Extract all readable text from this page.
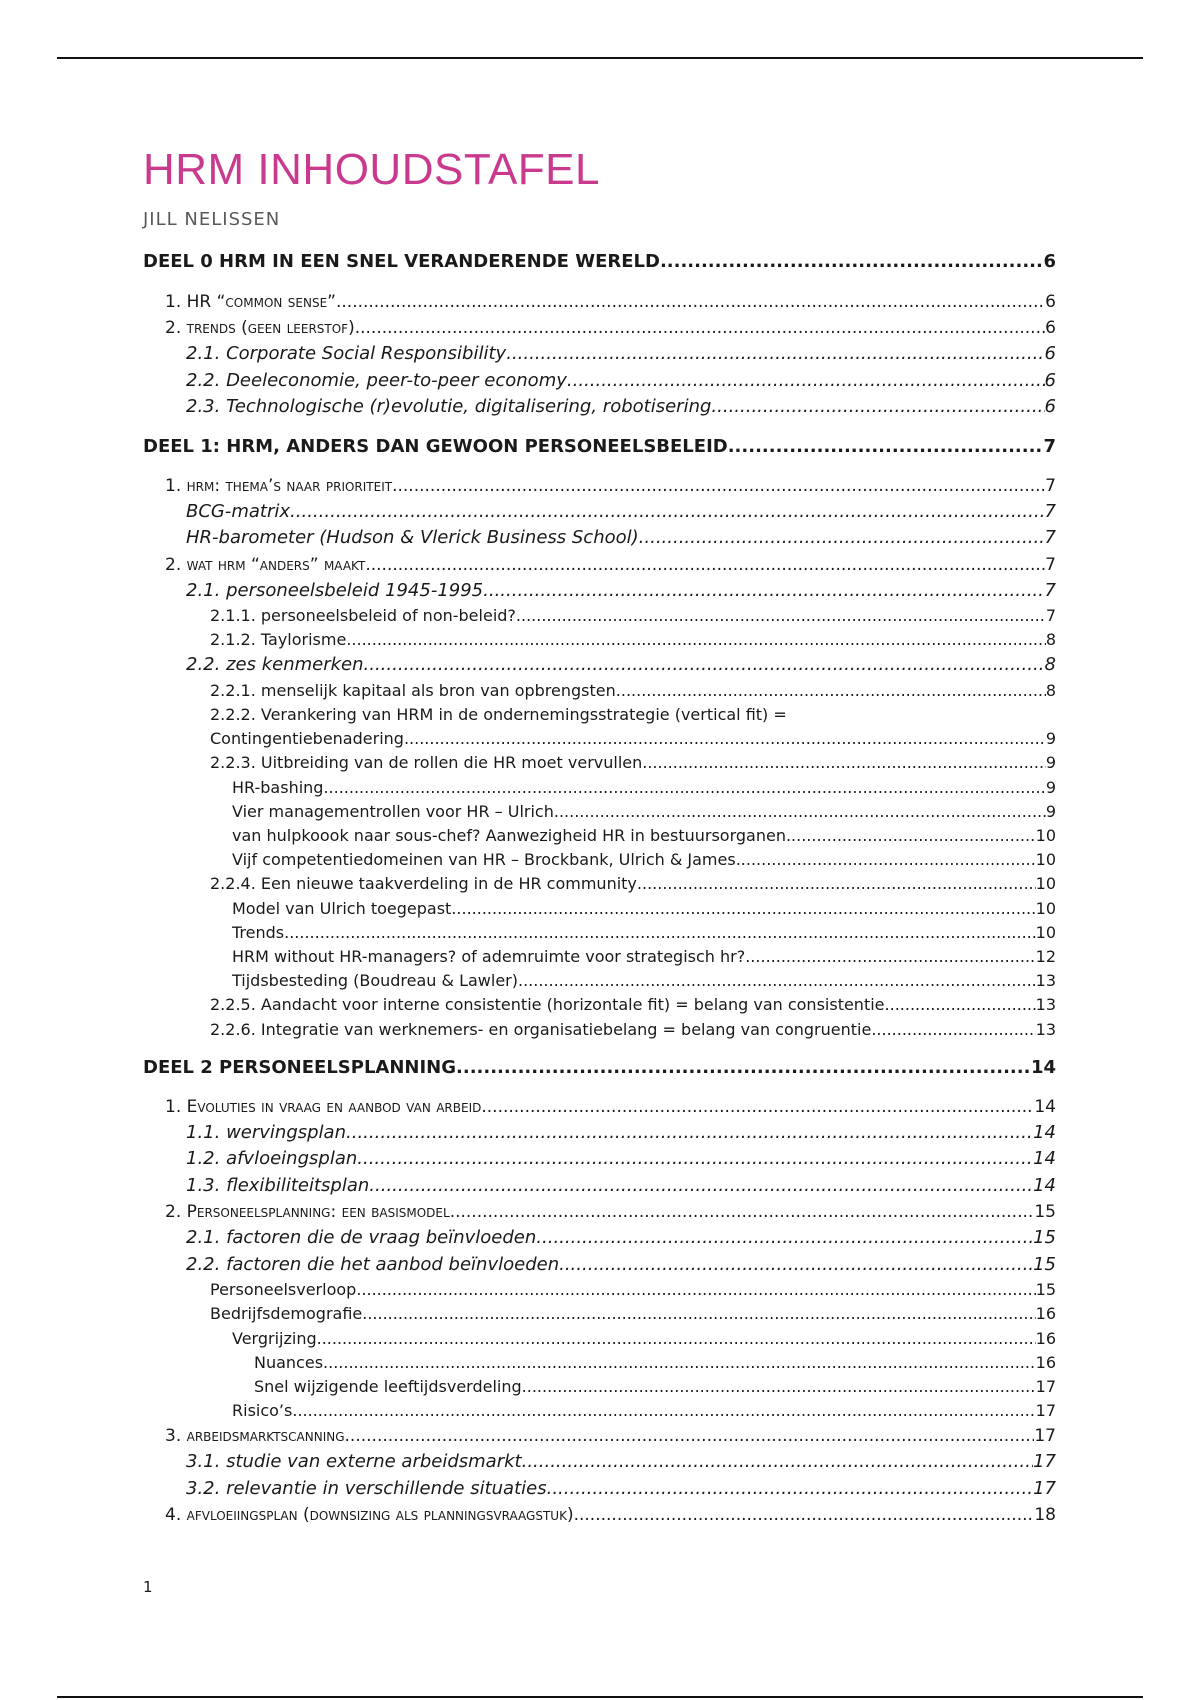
HRM INHOUDSTAFEL
JILL NELISSEN
DEEL 0 HRM IN EEN SNEL VERANDERENDE WERELD .....	6
1. HR “common sense” .....	6
2. trends (geen leerstof) .....	6
2.1. Corporate Social Responsibility .....	6
2.2. Deeleconomie, peer-to-peer economy .....	6
2.3. Technologische (r)evolutie, digitalisering, robotisering .....	6
DEEL 1: HRM, ANDERS DAN GEWOON PERSONEELSBELEID .....	7
1. hrm: thema’s naar prioriteit .....	7
BCG-matrix .....	7
HR-barometer (Hudson & Vlerick Business School) .....	7
2. wat hrm “anders” maakt .....	7
2.1. personeelsbeleid 1945-1995 .....	7
2.1.1. personeelsbeleid of non-beleid? .....	7
2.1.2. Taylorisme .....	8
2.2. zes kenmerken .....	8
2.2.1. menselijk kapitaal als bron van opbrengsten .....	8
2.2.2. Verankering van HRM in de ondernemingsstrategie (vertical fit) =
Contingentiebenadering .....	9
2.2.3. Uitbreiding van de rollen die HR moet vervullen .....	9
HR-bashing .....	9
Vier managementrollen voor HR – Ulrich .....	9
van hulpkoook naar sous-chef? Aanwezigheid HR in bestuursorganen .....	10
Vijf competentiedomeinen van HR – Brockbank, Ulrich & James .....	10
2.2.4. Een nieuwe taakverdeling in de HR community .....	10
Model van Ulrich toegepast .....	10
Trends .....	10
HRM without HR-managers? of ademruimte voor strategisch hr? .....	12
Tijdsbesteding (Boudreau & Lawler) .....	13
2.2.5. Aandacht voor interne consistentie (horizontale fit) = belang van consistentie .....	13
2.2.6. Integratie van werknemers- en organisatiebelang = belang van congruentie .....	13
DEEL 2 PERSONEELSPLANNING .....	14
1. Evoluties in vraag en aanbod van arbeid .....	14
1.1. wervingsplan .....	14
1.2. afvloeingsplan .....	14
1.3. flexibiliteitsplan .....	14
2. Personeelsplanning: een basismodel .....	15
2.1. factoren die de vraag beïnvloeden .....	15
2.2. factoren die het aanbod beïnvloeden .....	15
Personeelsverloop .....	15
Bedrijfsdemografie .....	16
Vergrijzing .....	16
Nuances .....	16
Snel wijzigende leeftijdsverdeling .....	17
Risico’s .....	17
3. arbeidsmarktscanning .....	17
3.1. studie van externe arbeidsmarkt .....	17
3.2. relevantie in verschillende situaties .....	17
4. afvloeiingsplan (downsizing als planningsvraagstuk) .....	18
1
